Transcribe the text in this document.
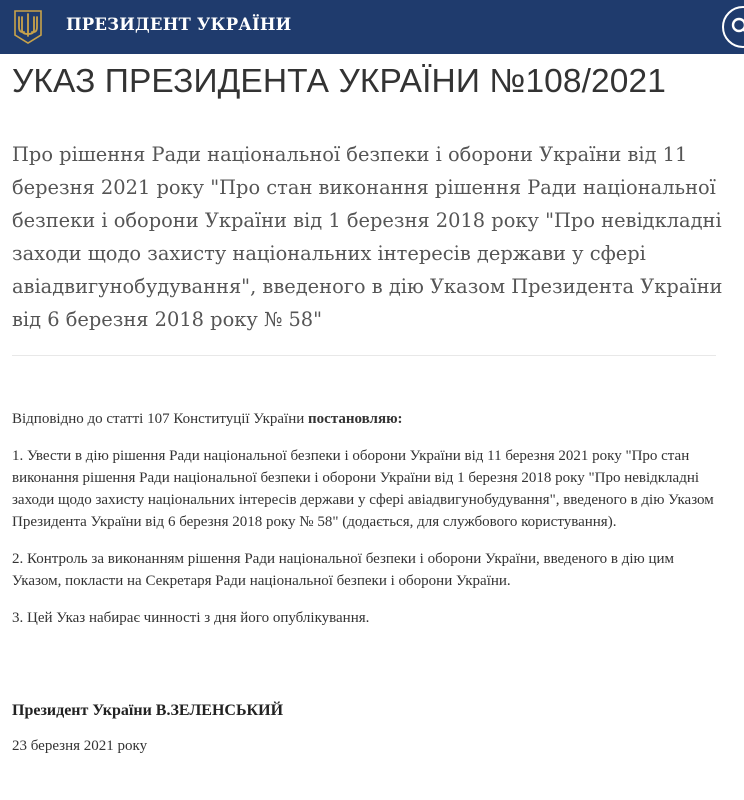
ПРЕЗИДЕНТ УКРАЇНИ
УКАЗ ПРЕЗИДЕНТА УКРАЇНИ №108/2021

Про рішення Ради національної безпеки і оборони України від 11 березня 2021 року "Про стан виконання рішення Ради національної безпеки і оборони України від 1 березня 2018 року "Про невідкладні заходи щодо захисту національних інтересів держави у сфері авіадвигунобудування", введеного в дію Указом Президента України від 6 березня 2018 року № 58"

Відповідно до статті 107 Конституції України постановляю:

1. Увести в дію рішення Ради національної безпеки і оборони України від 11 березня 2021 року "Про стан виконання рішення Ради національної безпеки і оборони України від 1 березня 2018 року "Про невідкладні заходи щодо захисту національних інтересів держави у сфері авіадвигунобудування", введеного в дію Указом Президента України від 6 березня 2018 року № 58" (додається, для службового користування).

2. Контроль за виконанням рішення Ради національної безпеки і оборони України, введеного в дію цим Указом, покласти на Секретаря Ради національної безпеки і оборони України.

3. Цей Указ набирає чинності з дня його опублікування.

Президент України В.ЗЕЛЕНСЬКИЙ

23 березня 2021 року
